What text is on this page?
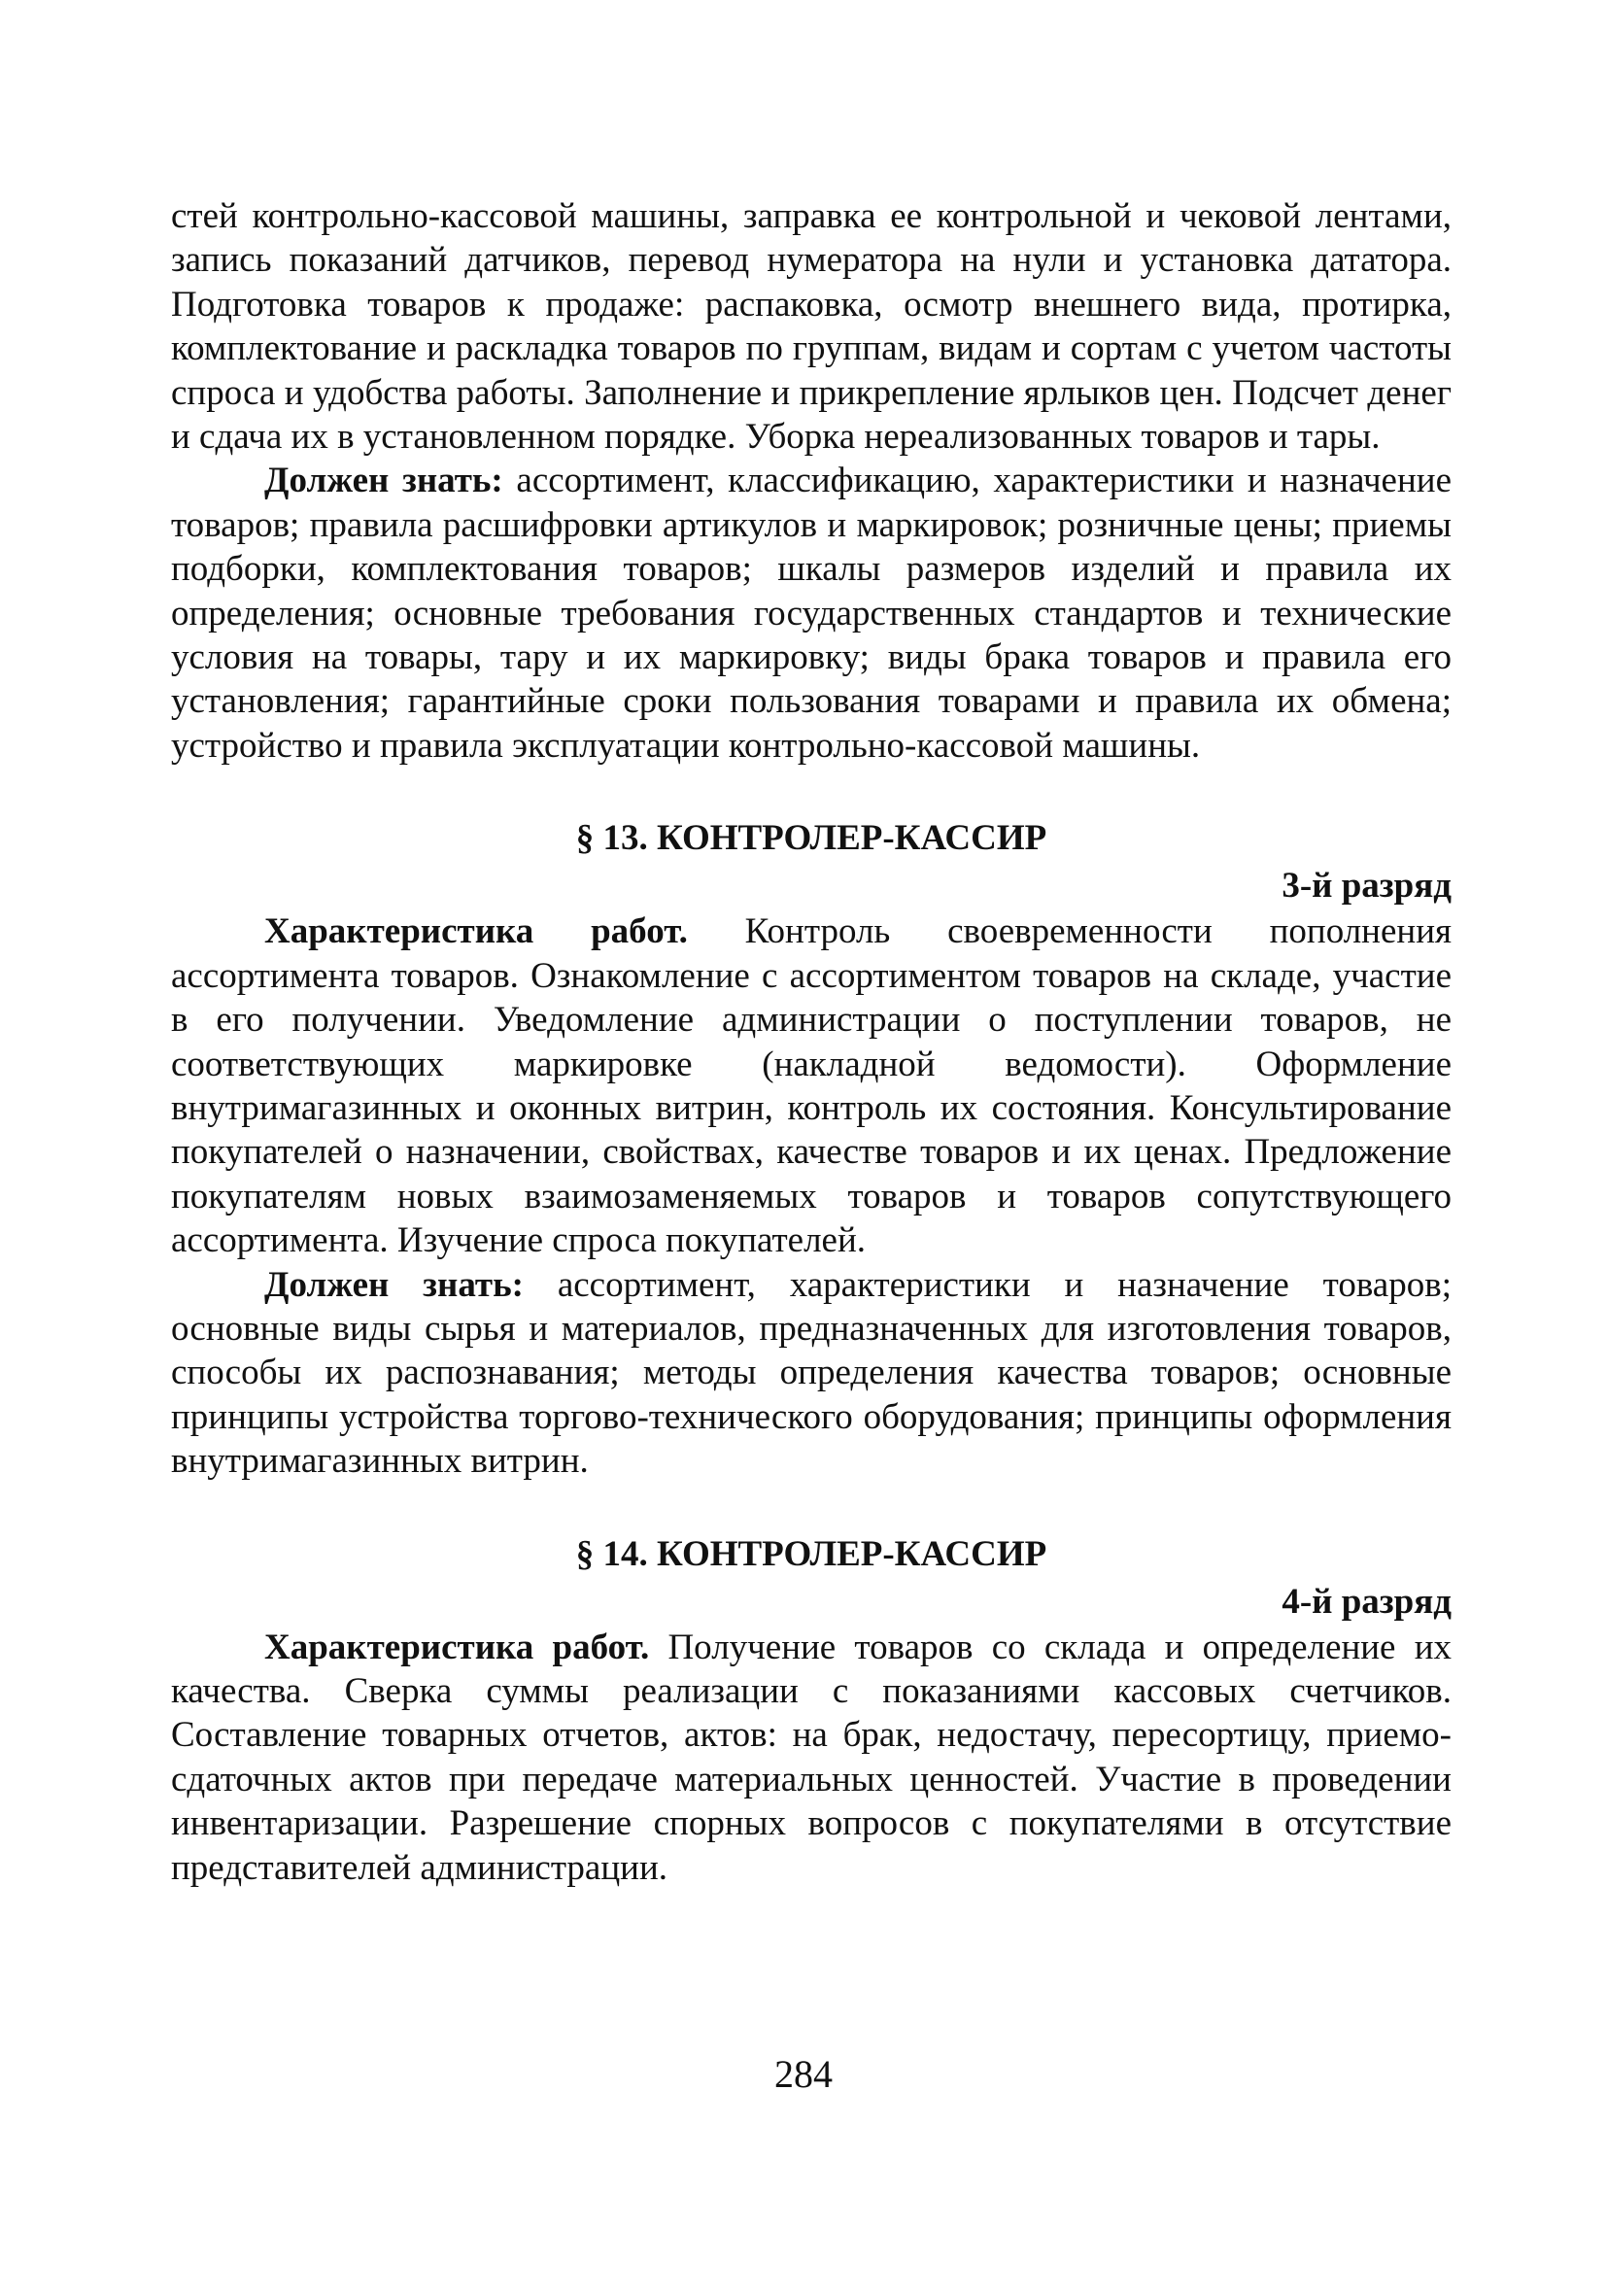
стей контрольно-кассовой машины, заправка ее контрольной и чековой лентами, запись показаний датчиков, перевод нумератора на нули и установка дататора. Подготовка товаров к продаже: распаковка, осмотр внешнего вида, протирка, комплектование и раскладка товаров по группам, видам и сортам с учетом частоты спроса и удобства работы. Заполнение и прикрепление ярлыков цен. Подсчет денег и сдача их в установленном порядке. Уборка нереализованных товаров и тары.

Должен знать: ассортимент, классификацию, характеристики и назначение товаров; правила расшифровки артикулов и маркировок; розничные цены; приемы подборки, комплектования товаров; шкалы размеров изделий и правила их определения; основные требования государственных стандартов и технические условия на товары, тару и их маркировку; виды брака товаров и правила его установления; гарантийные сроки пользования товарами и правила их обмена; устройство и правила эксплуатации контрольно-кассовой машины.

§ 13. КОНТРОЛЕР-КАССИР
3-й разряд

Характеристика работ. Контроль своевременности пополнения ассортимента товаров. Ознакомление с ассортиментом товаров на складе, участие в его получении. Уведомление администрации о поступлении товаров, не соответствующих маркировке (накладной ведомости). Оформление внутримагазинных и оконных витрин, контроль их состояния. Консультирование покупателей о назначении, свойствах, качестве товаров и их ценах. Предложение покупателям новых взаимозаменяемых товаров и товаров сопутствующего ассортимента. Изучение спроса покупателей.

Должен знать: ассортимент, характеристики и назначение товаров; основные виды сырья и материалов, предназначенных для изготовления товаров, способы их распознавания; методы определения качества товаров; основные принципы устройства торгово-технического оборудования; принципы оформления внутримагазинных витрин.

§ 14. КОНТРОЛЕР-КАССИР
4-й разряд

Характеристика работ. Получение товаров со склада и определение их качества. Сверка суммы реализации с показаниями кассовых счетчиков. Составление товарных отчетов, актов: на брак, недостачу, пересортицу, приемо-сдаточных актов при передаче материальных ценностей. Участие в проведении инвентаризации. Разрешение спорных вопросов с покупателями в отсутствие представителей администрации.

284
